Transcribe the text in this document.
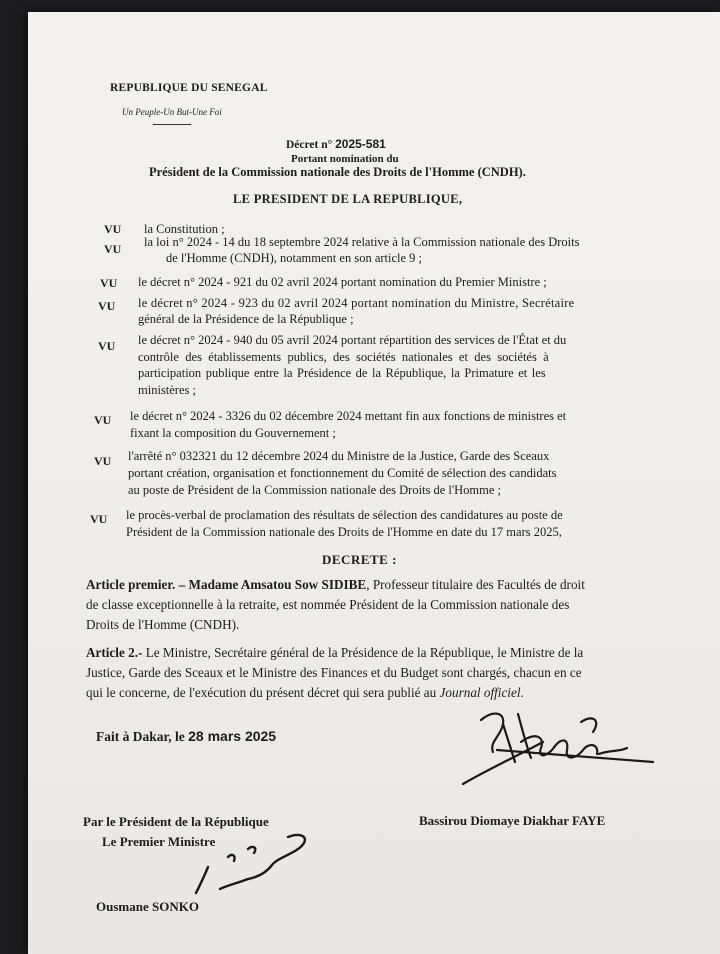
REPUBLIQUE DU SENEGAL
Un Peuple-Un But-Une Foi
Décret n° 2025-581
Portant nomination du
Président de la Commission nationale des Droits de l'Homme (CNDH).
LE PRESIDENT DE LA REPUBLIQUE,
VU la Constitution ;
VU la loi n° 2024 - 14 du 18 septembre 2024 relative à la Commission nationale des Droits
de l'Homme (CNDH), notamment en son article 9 ;
VU le décret n° 2024 - 921 du 02 avril 2024 portant nomination du Premier Ministre ;
VU le décret n° 2024 - 923 du 02 avril 2024 portant nomination du Ministre, Secrétaire
général de la Présidence de la République ;
VU le décret n° 2024 - 940 du 05 avril 2024 portant répartition des services de l'État et du
contrôle des établissements publics, des sociétés nationales et des sociétés à
participation publique entre la Présidence de la République, la Primature et les
ministères ;
VU le décret n° 2024 - 3326 du 02 décembre 2024 mettant fin aux fonctions de ministres et
fixant la composition du Gouvernement ;
VU l'arrêté n° 032321 du 12 décembre 2024 du Ministre de la Justice, Garde des Sceaux
portant création, organisation et fonctionnement du Comité de sélection des candidats
au poste de Président de la Commission nationale des Droits de l'Homme ;
VU le procès-verbal de proclamation des résultats de sélection des candidatures au poste de
Président de la Commission nationale des Droits de l'Homme en date du 17 mars 2025,
DECRETE :
Article premier. – Madame Amsatou Sow SIDIBE, Professeur titulaire des Facultés de droit
de classe exceptionnelle à la retraite, est nommée Président de la Commission nationale des
Droits de l'Homme (CNDH).
Article 2.- Le Ministre, Secrétaire général de la Présidence de la République, le Ministre de la
Justice, Garde des Sceaux et le Ministre des Finances et du Budget sont chargés, chacun en ce
qui le concerne, de l'exécution du présent décret qui sera publié au Journal officiel.
Fait à Dakar, le 28 mars 2025
Par le Président de la République
Le Premier Ministre
Ousmane SONKO
Bassirou Diomaye Diakhar FAYE
